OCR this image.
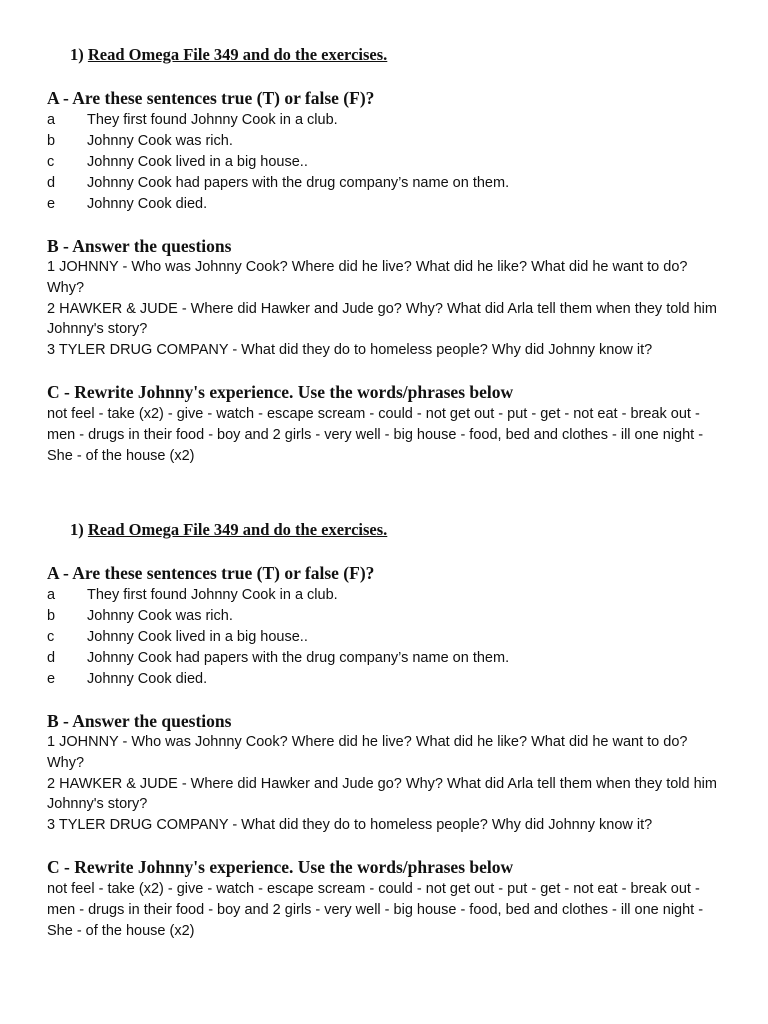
1) Read Omega File 349 and do the exercises.
A - Are these sentences true (T) or false (F)?
a They first found Johnny Cook in a club.
b Johnny Cook was rich.
c Johnny Cook lived in a big house..
d Johnny Cook had papers with the drug company’s name on them.
e Johnny Cook died.
B - Answer the questions

1 JOHNNY - Who was Johnny Cook? Where did he live? What did he like? What did he want to do? Why?

2 HAWKER & JUDE - Where did Hawker and Jude go? Why? What did Arla tell them when they told him Johnny's story?

3 TYLER DRUG COMPANY - What did they do to homeless people? Why did Johnny know it?

C - Rewrite Johnny's experience. Use the words/phrases below

not feel - take (x2) - give - watch - escape scream - could - not get out - put - get - not eat - break out -

men - drugs in their food - boy and 2 girls - very well - big house - food, bed and clothes - ill one night - She - of the house (x2)

1) Read Omega File 349 and do the exercises.
A - Are these sentences true (T) or false (F)?
a They first found Johnny Cook in a club.
b Johnny Cook was rich.
c Johnny Cook lived in a big house..
d Johnny Cook had papers with the drug company’s name on them.
e Johnny Cook died.
B - Answer the questions

1 JOHNNY - Who was Johnny Cook? Where did he live? What did he like? What did he want to do? Why?

2 HAWKER & JUDE - Where did Hawker and Jude go? Why? What did Arla tell them when they told him Johnny's story?

3 TYLER DRUG COMPANY - What did they do to homeless people? Why did Johnny know it?

C - Rewrite Johnny's experience. Use the words/phrases below

not feel - take (x2) - give - watch - escape scream - could - not get out - put - get - not eat - break out -

men - drugs in their food - boy and 2 girls - very well - big house - food, bed and clothes - ill one night - She - of the house (x2)
